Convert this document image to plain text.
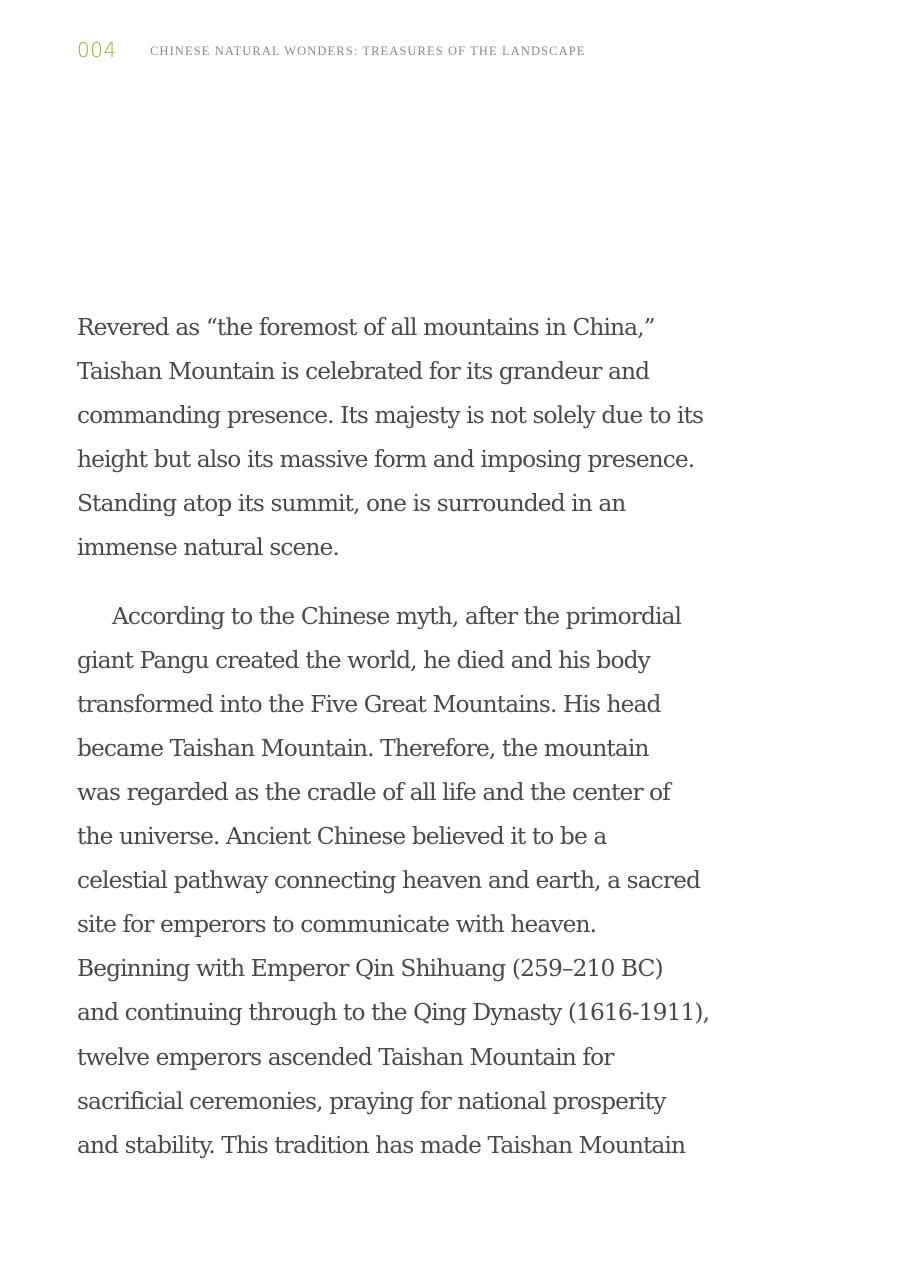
004	CHINESE NATURAL WONDERS: TREASURES OF THE LANDSCAPE
Revered as “the foremost of all mountains in China,”
Taishan Mountain is celebrated for its grandeur and
commanding presence. Its majesty is not solely due to its
height but also its massive form and imposing presence.
Standing atop its summit, one is surrounded in an
immense natural scene.
According to the Chinese myth, after the primordial
giant Pangu created the world, he died and his body
transformed into the Five Great Mountains. His head
became Taishan Mountain. Therefore, the mountain
was regarded as the cradle of all life and the center of
the universe. Ancient Chinese believed it to be a
celestial pathway connecting heaven and earth, a sacred
site for emperors to communicate with heaven.
Beginning with Emperor Qin Shihuang (259–210 BC)
and continuing through to the Qing Dynasty (1616-1911),
twelve emperors ascended Taishan Mountain for
sacrificial ceremonies, praying for national prosperity
and stability. This tradition has made Taishan Mountain
